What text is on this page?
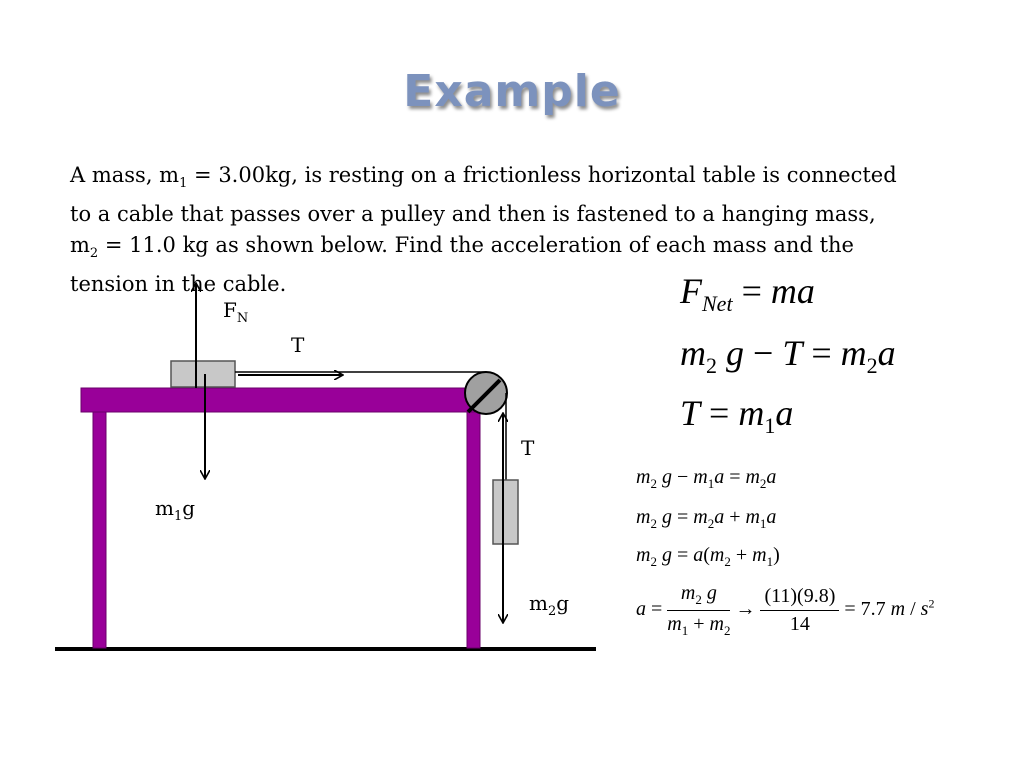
Example
A mass, $m_1 = 3.00kg$, is resting on a frictionless horizontal table is connected
to a cable that passes over a pulley and then is fastened to a hanging mass,
$m_2 = 11.0$ kg as shown below. Find the acceleration of each mass and the
tension in the cable.
$F_N$
T
T
$m_1g$
$m_2g$
$F_{Net}$ = ma
$m_2$ $g - T = m_2a$
$T = m_1a$
$m_2$ $g - m_1a = m_2a$
$m_2$ $g = m_2a + m_1a$
$m_2$ $g = a(m_2 + m_1)$
$a = \frac{m_2 g}{m_1 + m_2} \to \frac{(11)(9.8)}{14} = 7.7$ m / $s^2$
